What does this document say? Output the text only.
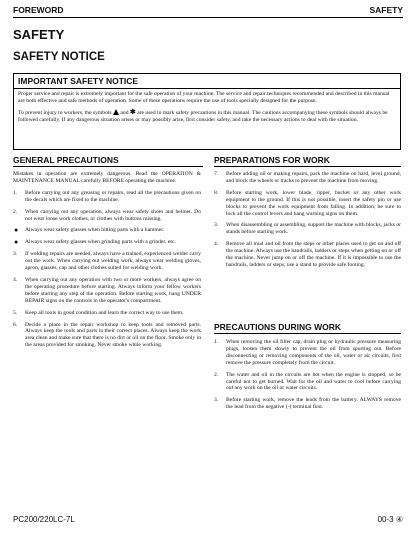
FOREWORD	SAFETY
SAFETY
SAFETY NOTICE
IMPORTANT SAFETY NOTICE

Proper service and repair is extremely important for the safe operation of your machine. The service and repair techniques recommended and described in this manual are both effective and safe methods of operation. Some of these operations require the use of tools specially designed for the purpose.

To prevent injury to workers, the symbols and ✱ are used to mark safety precautions in this manual. The cautions accompanying these symbols should always be followed carefully. If any dangerous situation arises or may possibly arise, first consider safety, and take the necessary actions to deal with the situation.

GENERAL PRECAUTIONS

Mistakes in operation are extremely dangerous. Read the OPERATION & MAINTENANCE MANUAL carefully BEFORE operating the machine.

1. Before carrying out any greasing or repairs, read all the precautions given on the decals which are fixed to the machine.
2. When carrying out any operation, always wear safety shoes and helmet. Do not wear loose work clothes, or clothes with buttons missing.
● Always wear safety glasses when hitting parts with a hammer.
● Always wear safety glasses when grinding parts with a grinder, etc.
3. If welding repairs are needed, always have a trained, experienced welder carry out the work. When carrying out welding work, always wear welding gloves, apron, glasses, cap and other clothes suited for welding work.
4. When carrying out any operation with two or more workers, always agree on the operating procedure before starting. Always inform your fellow workers before starting any step of the operation. Before starting work, hang UNDER REPAIR signs on the controls in the operator's compartment.
5. Keep all tools in good condition and learn the correct way to use them.
6. Decide a place in the repair workshop to keep tools and removed parts. Always keep the tools and parts in their correct places. Always keep the work area clean and make sure that there is no dirt or oil on the floor. Smoke only in the areas provided for smoking. Never smoke while working.
PREPARATIONS FOR WORK
7. Before adding oil or making repairs, park the machine on hard, level ground, and block the wheels or tracks to prevent the machine from moving.
8. Before starting work, lower blade, ripper, bucket or any other work equipment to the ground. If this is not possible, insert the safety pin or use blocks to prevent the work equipment from falling. In addition, be sure to lock all the control levers and hang warning signs on them.
3. When disassembling or assembling, support the machine with blocks, jacks or stands before starting work.
4. Remove all mud and oil from the steps or other places used to get on and off the machine. Always use the handrails, ladders or steps when getting on or off the machine. Never jump on or off the machine. If it is impossible to use the handrails, ladders or steps, use a stand to provide safe footing.
PRECAUTIONS DURING WORK
1. When removing the oil filler cap, drain plug or hydraulic pressure measuring plugs, loosen them slowly to prevent the oil from spurting out. Before disconnecting or removing components of the oil, water or air circuits, first remove the pressure completely from the circuit.
2. The water and oil in the circuits are hot when the engine is stopped, so be careful not to get burned. Wait for the oil and water to cool before carrying out any work on the oil or water circuits.
3. Before starting work, remove the leads from the battery. ALWAYS remove the lead from the negative (-) terminal first.
PC200/220LC-7L	00-3 ④
